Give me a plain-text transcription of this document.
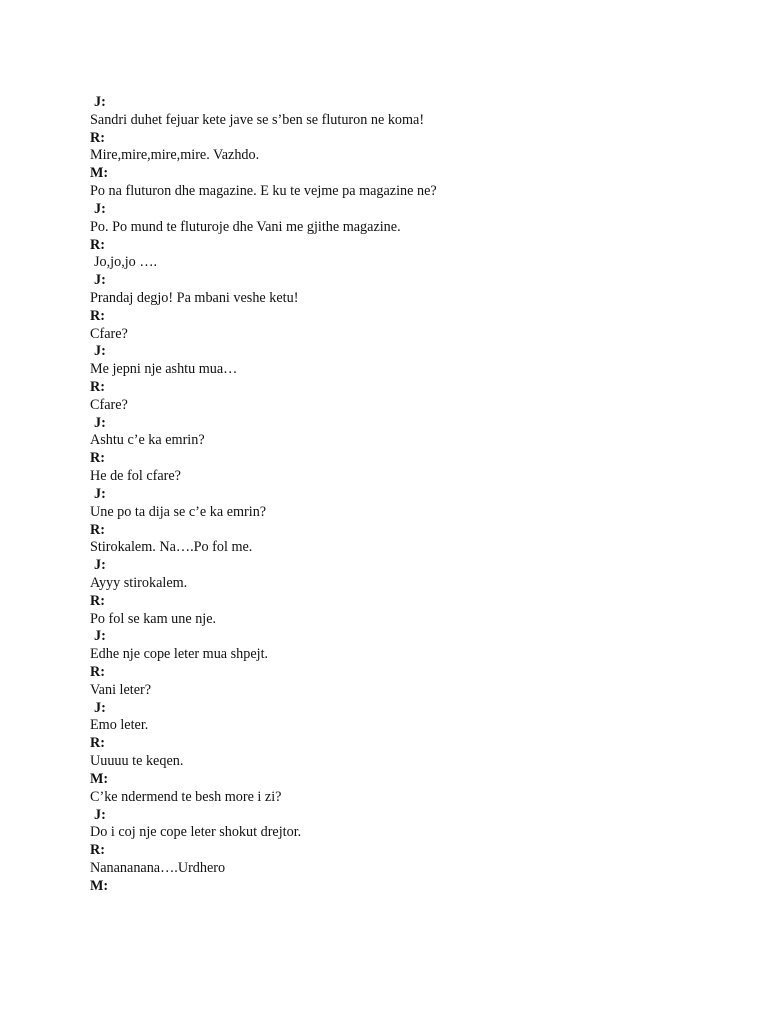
J:
Sandri duhet fejuar kete jave se s’ben se fluturon ne koma!
R:
Mire,mire,mire,mire. Vazhdo.
M:
Po na fluturon dhe magazine. E ku te vejme pa magazine ne?
J:
Po. Po mund te fluturoje dhe Vani me gjithe magazine.
R:
Jo,jo,jo ….
J:
Prandaj degjo! Pa mbani veshe ketu!
R:
Cfare?
J:
Me jepni nje ashtu mua…
R:
Cfare?
J:
Ashtu c’e ka emrin?
R:
He de fol cfare?
J:
Une po ta dija se c’e ka emrin?
R:
Stirokalem. Na….Po fol me.
J:
Ayyy stirokalem.
R:
Po fol se kam une nje.
J:
Edhe nje cope leter mua shpejt.
R:
Vani leter?
J:
Emo leter.
R:
Uuuuu te keqen.
M:
C’ke ndermend te besh more i zi?
J:
Do i coj nje cope leter shokut drejtor.
R:
Nanananana….Urdhero
M:
